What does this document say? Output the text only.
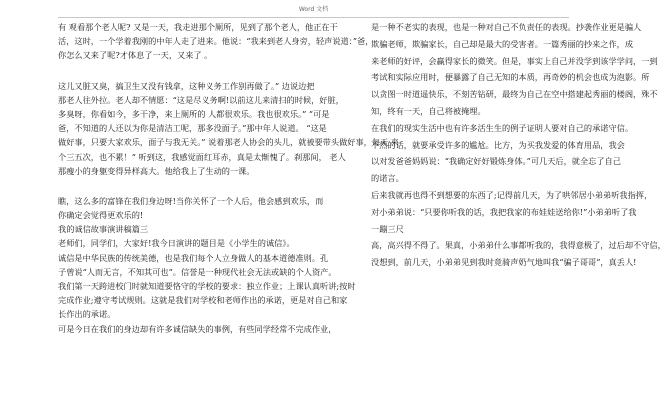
Word 文档
有 观看那个老人呢? 又是一天，我走进那个厕所，见到了那个老人，他正在干
活，这时，一个学着我刚的中年人走了进来。他说：“我来到老人身旁，轻声说道：”爸，
你怎么又来了呢?才体息了一天，又来了 。
这儿又脏又臭，搞卫生又没有钱拿，这种义务工作别再做了。” 边说边把
那老人往外拉。老人却不情愿：“这是尽义务啊!以前这儿来清扫的时候，好脏，
多臭呀，你看如今，多干净，来上厕所的 人都很欢乐。我也很欢乐。” ”可是
爸，不知道的人还以为你是清洁工呢，那多没面子。”那中年人说道。 “这是
做好事，只要大家欢乐，面子与我无关。” 说着那老人协会的头儿，就被要带头做好事，每天 来
个三五次，也不累！” 听到这，我感觉面红耳赤，真是太惭愧了。刹那间， 老人
那瘦小的身躯变得异样高大。他给我上了生动的一课。
瞧，这么多的富锋在我们身边呀!当你关怀了一个人后，他会感到欢乐，而
你确定会觉得更欢乐的!
我的诚信故事演讲稿篇三
老师们，同学们，大家好!我今日演讲的题目是《小学生的诚信》。
诚信是中华民族的传统美德，也是我们每个人立身做人的基本道德准则。孔
子曾说“人而无言，不知其可也”。信誉是一种现代社会无法或缺的个人资产。
我们第一天跨进校门时就知道要恪守的学校的要求：独立作业；上课认真听讲;按时
完成作业;遵守考试规则。这就是我们对学校和老师作出的承诺，更是对自己和家
长作出的承诺。
可是今日在我们的身边却有许多诚信缺失的事例，有些同学经常不完成作业，
是一种不老实的表现，也是一种对自己不负责任的表现。抄袭作业更是骗人
欺骗老师，欺骗家长，自己却是最大的受害者。一篇秀丽的抄来之作，成
来老师的好评，会赢得家长的微笑。但是，事实上自己并没学到该学学问，一到
考试和实际应用时，便暴露了自己无知的本质，再奇妙的机会也成为泡影。所
以贪图一时道遥快乐，不刻苦钻研，最终为自己在空中搭建起秀丽的楼阁，殊不
知，终有一天，自己将被掩埋。
在我们的现实生活中也有许多活生生的例子证明人要对自己的承诺守信。
不然的话，就要承受许多的尴尬。比方，为买我发爱的体育用品，我会
以对发爸爸妈妈说：“我确定好好锻炼身体。”可几天后，就全忘了自己
的诺言。
后来我就再也得不到想要的东西了;记得前几天，为了哄邻居小弟弟听我指挥，
对小弟弟说：“只要你听我的话，我把我家的布娃娃送给你!”小弟弟听了我
一蹦三尺
高，高兴得不得了。果真，小弟弟什么事都听我的，我得意极了，过后却不守信，
没想到，前几天，小弟弟见到我时竟骑声奶气地叫我“骗子哥哥”，真丢人!
